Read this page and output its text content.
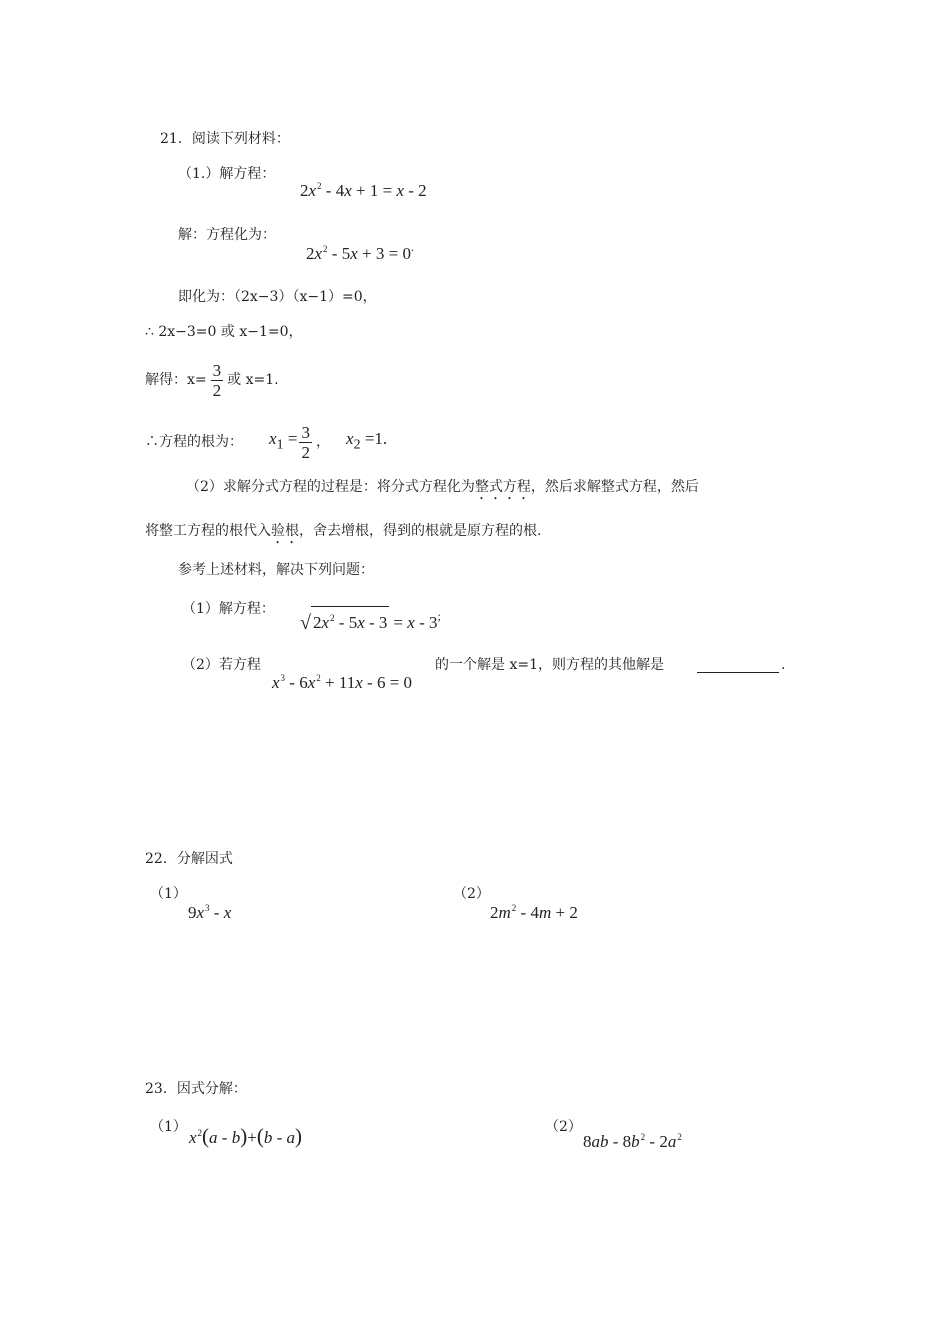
21．阅读下列材料：
（1.）解方程：
$2x^2 - 4x + 1 = x - 2$
解：方程化为：
$2x^2 - 5x + 3 = 0^.$
即化为：（2x−3）（x−1）=0，
∴ 2x−3=0 或 x−1=0，
解得：$x= \frac{3}{2}$ 或 x=1.
∴方程的根为： $x_1 = \frac{3}{2}$ ， $x_2 =1$.
（2）求解分式方程的过程是：将分式方程化为整式方程，然后求解整式方程，然后
将整工方程的根代入验根，舍去增根，得到的根就是原方程的根.
参考上述材料，解决下列问题：
（1）解方程：
√ $2x^2 - 5x - 3 = x - 3^;$
（2）若方程
$x^3 - 6x^2 + 11x - 6 = 0$
的一个解是 x=1，则方程的其他解是	.
22．分解因式
（1）
$9x^3$ - x
（2）
$2m^2 - 4m + 2$
23．因式分解：
（1）
$x^2(a - b)+(b - a)$	（2）
$8ab - 8b^2 - 2a^2$
